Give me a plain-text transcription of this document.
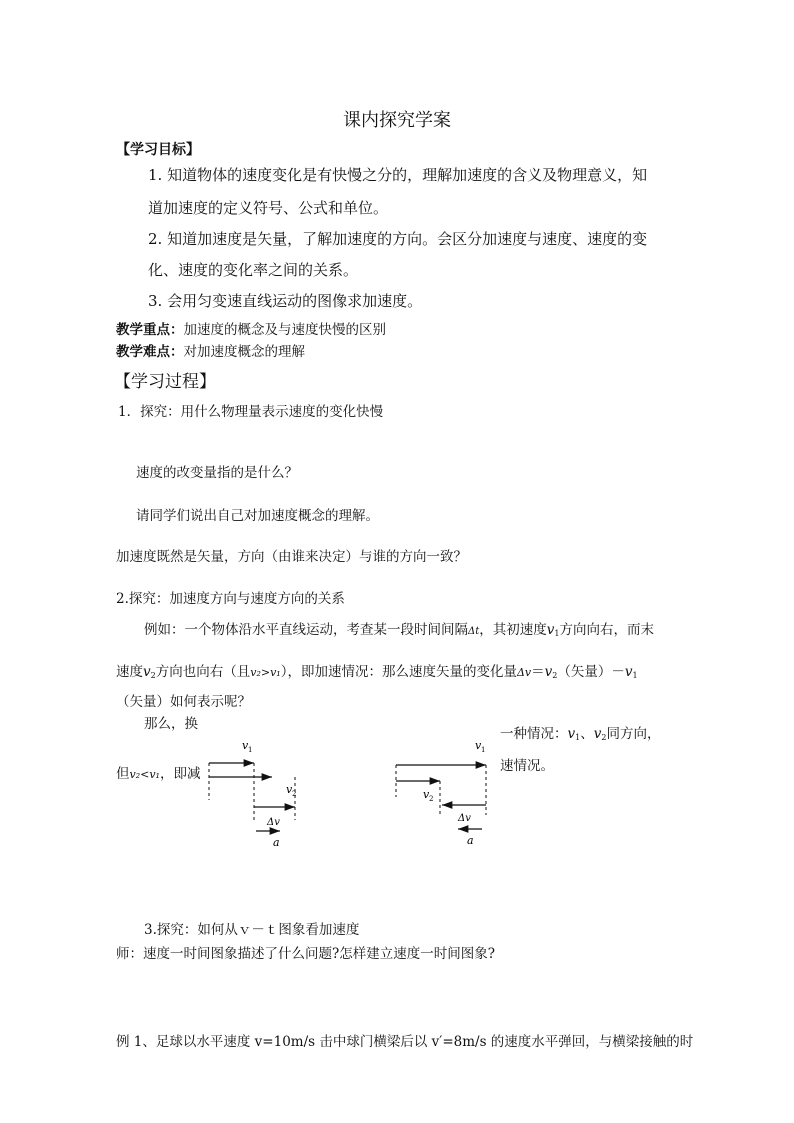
课内探究学案
【学习目标】
1. 知道物体的速度变化是有快慢之分的，理解加速度的含义及物理意义，知
道加速度的定义符号、公式和单位。
2. 知道加速度是矢量，了解加速度的方向。会区分加速度与速度、速度的变
化、速度的变化率之间的关系。
3. 会用匀变速直线运动的图像求加速度。
教学重点：加速度的概念及与速度快慢的区别
教学难点：对加速度概念的理解
【学习过程】
1．探究：用什么物理量表示速度的变化快慢
速度的改变量指的是什么？
请同学们说出自己对加速度概念的理解。
加速度既然是矢量，方向（由谁来决定）与谁的方向一致？
2.探究：加速度方向与速度方向的关系
例如：一个物体沿水平直线运动，考查某一段时间间隔Δt，其初速度$v_1$方向向右，而末
速度$v_2$方向也向右（且v₂>v₁），即加速情况：那么速度矢量的变化量$\Delta v=v_2$（矢量）$-v_1$
（矢量）如何表示呢？
那么，换
一种情况：$v_1$、$v_2$同方向，
速情况。
但v₂<v₁，即减
v 1
v 2
Δv
a
v 1
v 2
Δv
a
3.探究：如何从ｖ－ｔ图象看加速度
师：速度一时间图象描述了什么问题?怎样建立速度一时间图象?
例 1、足球以水平速度 v=10m/s 击中球门横梁后以 v′=8m/s 的速度水平弹回，与横梁接触的时
